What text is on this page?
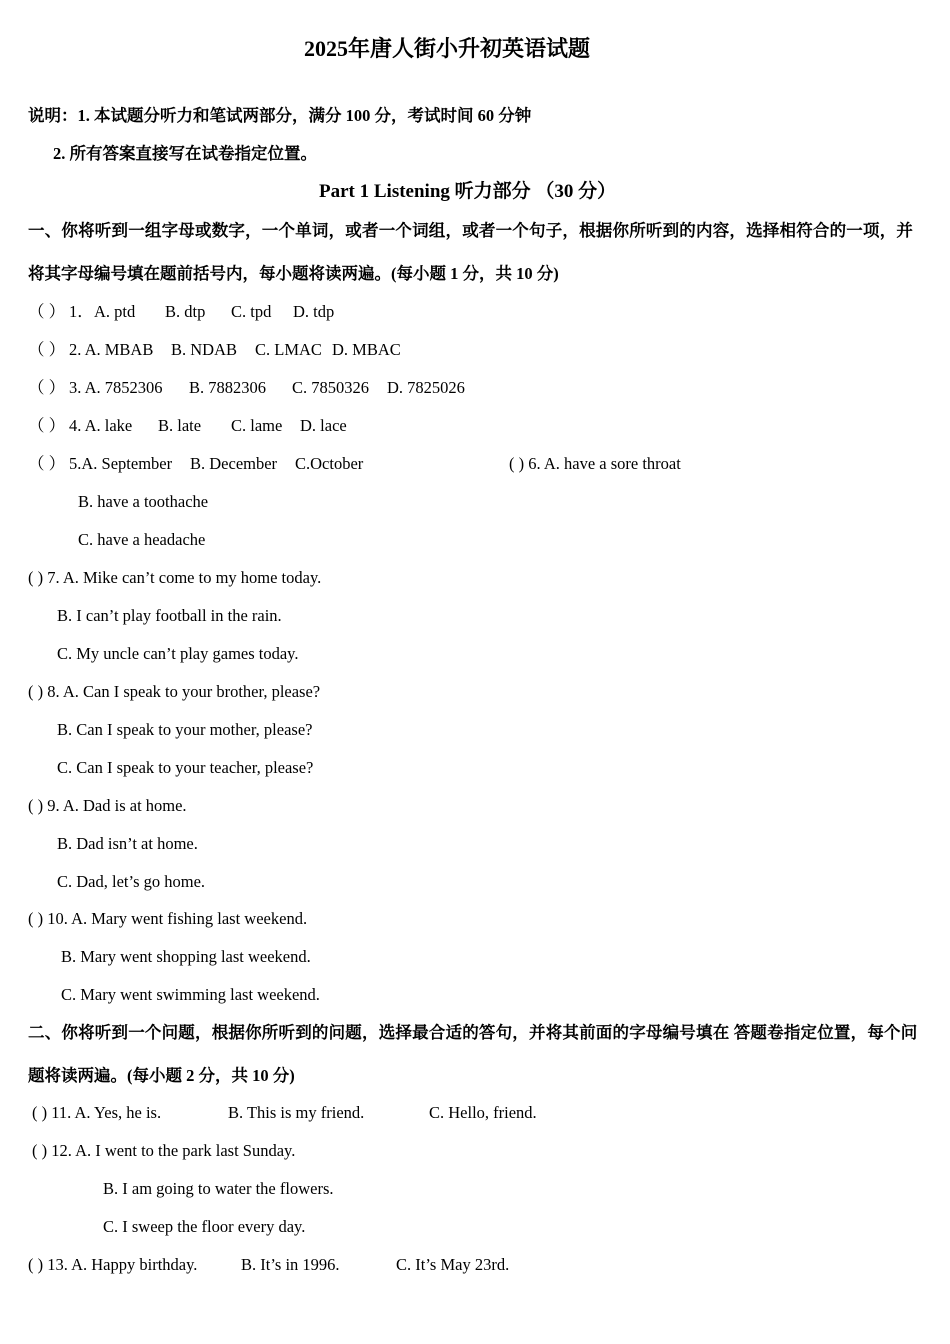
2025年唐人街小升初英语试题
说明：1. 本试题分听力和笔试两部分，满分 100 分，考试时间 60 分钟
2. 所有答案直接写在试卷指定位置。
Part 1 Listening 听力部分 （30 分）
一、你将听到一组字母或数字，一个单词，或者一个词组，或者一个句子，根据你所听到的内容，选择相符合的一项，并
将其字母编号填在题前括号内，每小题将读两遍。(每小题 1 分，共 10 分)
（ ） 1． A. ptd B. dtp C. tpd D. tdp
（ ） 2. A. MBAB B. NDAB C. LMAC D. MBAC
（ ） 3. A. 7852306 B. 7882306 C. 7850326 D. 7825026
（ ） 4. A. lake B. late C. lame D. lace
（ ） 5.A. September B. December C.October	( ) 6. A. have a sore throat
B. have a toothache
C. have a headache
( ) 7. A. Mike can’t come to my home today.
B. I can’t play football in the rain.
C. My uncle can’t play games today.
( ) 8. A. Can I speak to your brother, please?
B. Can I speak to your mother, please?
C. Can I speak to your teacher, please?
( ) 9. A. Dad is at home.
B. Dad isn’t at home.
C. Dad, let’s go home.
( ) 10. A. Mary went fishing last weekend.
B. Mary went shopping last weekend.
C. Mary went swimming last weekend.
二、你将听到一个问题，根据你所听到的问题，选择最合适的答句，并将其前面的字母编号填在 答题卷指定位置，每个问
题将读两遍。(每小题 2 分，共 10 分)
( ) 11. A. Yes, he is.	B. This is my friend.	C. Hello, friend.
( ) 12. A. I went to the park last Sunday.
B. I am going to water the flowers.
C. I sweep the floor every day.
( ) 13. A. Happy birthday.	B. It’s in 1996.	C. It’s May 23rd.
